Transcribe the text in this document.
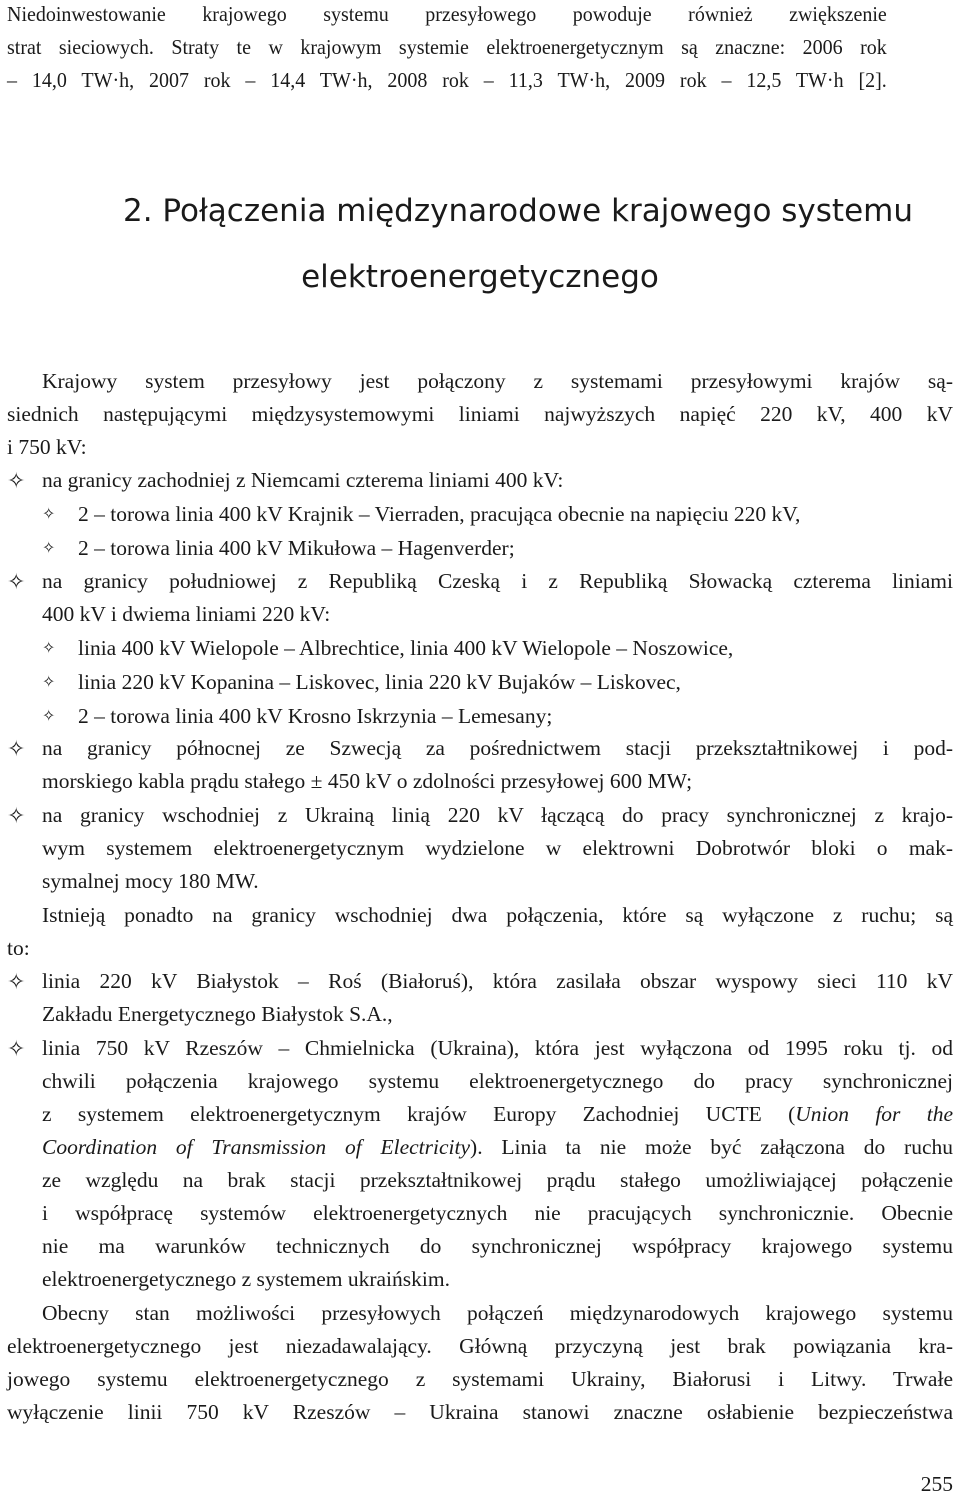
Niedoinwestowanie krajowego systemu przesyłowego powoduje również zwiększenie
strat sieciowych. Straty te w krajowym systemie elektroenergetycznym są znaczne: 2006 rok
– 14,0 TW·h, 2007 rok – 14,4 TW·h, 2008 rok – 11,3 TW·h, 2009 rok – 12,5 TW·h [2].
2. Połączenia międzynarodowe krajowego systemu
elektroenergetycznego
Krajowy system przesyłowy jest połączony z systemami przesyłowymi krajów są-
siednich następującymi międzysystemowymi liniami najwyższych napięć 220 kV, 400 kV
i 750 kV:
✧ na granicy zachodniej z Niemcami czterema liniami 400 kV:
✧	2 – torowa linia 400 kV Krajnik – Vierraden, pracująca obecnie na napięciu 220 kV,
✧	2 – torowa linia 400 kV Mikułowa – Hagenverder;
✧ na granicy południowej z Republiką Czeską i z Republiką Słowacką czterema liniami
400 kV i dwiema liniami 220 kV:
✧	linia 400 kV Wielopole – Albrechtice, linia 400 kV Wielopole – Noszowice,
✧	linia 220 kV Kopanina – Liskovec, linia 220 kV Bujaków – Liskovec,
✧	2 – torowa linia 400 kV Krosno Iskrzynia – Lemesany;
✧ na granicy północnej ze Szwecją za pośrednictwem stacji przekształtnikowej i pod-
morskiego kabla prądu stałego ± 450 kV o zdolności przesyłowej 600 MW;
✧ na granicy wschodniej z Ukrainą linią 220 kV łączącą do pracy synchronicznej z krajo-
wym systemem elektroenergetycznym wydzielone w elektrowni Dobrotwór bloki o mak-
symalnej mocy 180 MW.
Istnieją ponadto na granicy wschodniej dwa połączenia, które są wyłączone z ruchu; są
to:
✧ linia 220 kV Białystok – Roś (Białoruś), która zasilała obszar wyspowy sieci 110 kV
Zakładu Energetycznego Białystok S.A.,
✧ linia 750 kV Rzeszów – Chmielnicka (Ukraina), która jest wyłączona od 1995 roku tj. od
chwili połączenia krajowego systemu elektroenergetycznego do pracy synchronicznej
z systemem elektroenergetycznym krajów Europy Zachodniej UCTE (Union for the
Coordination of Transmission of Electricity). Linia ta nie może być załączona do ruchu
ze względu na brak stacji przekształtnikowej prądu stałego umożliwiającej połączenie
i współpracę systemów elektroenergetycznych nie pracujących synchronicznie. Obecnie
nie ma warunków technicznych do synchronicznej współpracy krajowego systemu
elektroenergetycznego z systemem ukraińskim.
Obecny stan możliwości przesyłowych połączeń międzynarodowych krajowego systemu
elektroenergetycznego jest niezadawalający. Główną przyczyną jest brak powiązania kra-
jowego systemu elektroenergetycznego z systemami Ukrainy, Białorusi i Litwy. Trwałe
wyłączenie linii 750 kV Rzeszów – Ukraina stanowi znaczne osłabienie bezpieczeństwa
255
